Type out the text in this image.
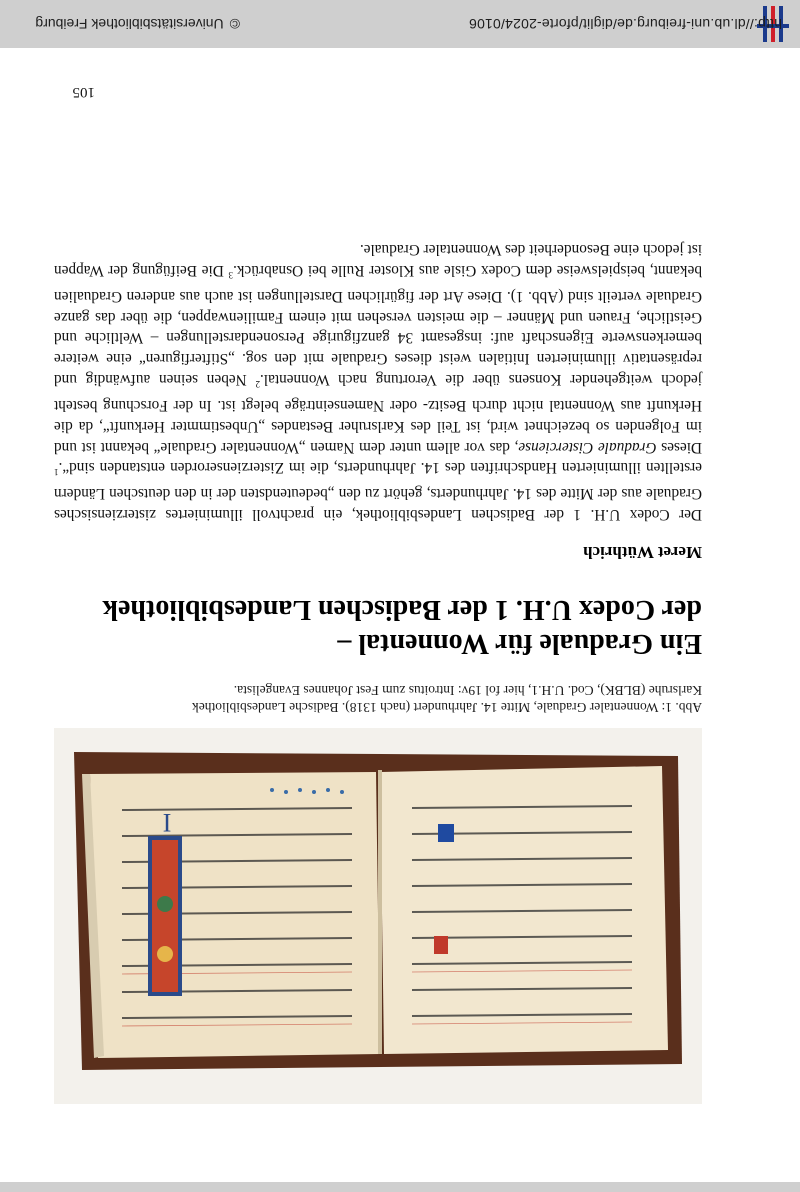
http://dl.ub.uni-freiburg.de/diglit/pforte-2024/0106
©
Universitätsbibliothek Freiburg
I

Abb. 1: Wonnentaler Graduale, Mitte 14. Jahrhundert (nach 1318). Badische Landesbibliothek

Karlsruhe (BLBK), Cod. U.H.1, hier fol 19v: Introitus zum Fest Johannes Evangelista.

Ein Graduale für Wonnental –
der Codex U.H. 1 der Badischen Landesbibliothek

Meret Wüthrich

Der Codex U.H. 1 der Badischen Landesbibliothek, ein prachtvoll illuminiertes zisterziensisches Graduale aus der Mitte des 14. Jahrhunderts, gehört zu den „bedeutendsten der in den deutschen Ländern erstellten illuminierten Handschriften des 14. Jahrhunderts, die im Zisterzienserorden entstanden sind“.$^1$ Dieses Graduale Cisterciense, das vor allem unter dem Namen „Wonnentaler Graduale“ bekannt ist und im Folgenden so bezeichnet wird, ist Teil des Karlsruher Bestandes „Unbestimmter Herkunft“, da die Herkunft aus Wonnental nicht durch Besitz- oder Namenseinträge belegt ist. In der Forschung besteht jedoch weitgehender Konsens über die Verortung nach Wonnental.$^2$ Neben seinen aufwändig und repräsentativ illuminierten Initialen weist dieses Graduale mit den sog. „Stifterfiguren“ eine weitere bemerkenswerte Eigenschaft auf: insgesamt 34 ganzfigurige Personendarstellungen – Weltliche und Geistliche, Frauen und Männer – die meisten versehen mit einem Familienwappen, die über das ganze Graduale verteilt sind (Abb. 1). Diese Art der figürlichen Darstellungen ist auch aus anderen Gradualien bekannt, beispielsweise dem Codex Gisle aus Kloster Rulle bei Osnabrück.$^3$ Die Beifügung der Wappen ist jedoch eine Besonderheit des Wonnentaler Graduale.

105
